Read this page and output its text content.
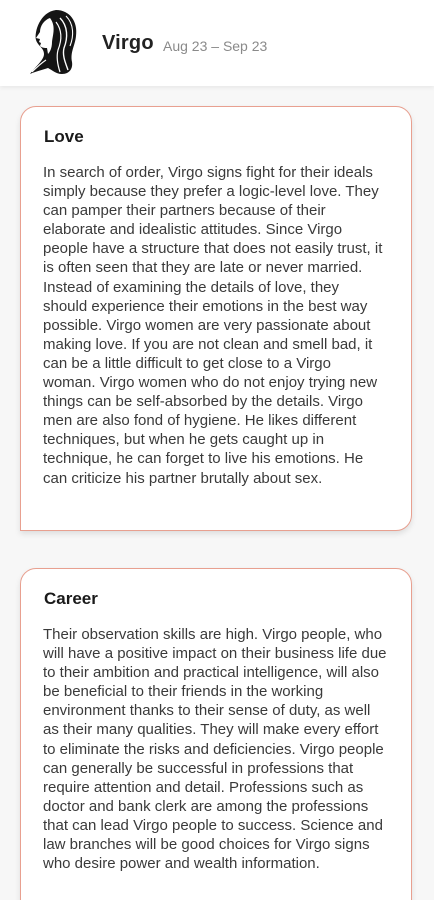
Virgo Aug 23 – Sep 23
Love

In search of order, Virgo signs fight for their ideals simply because they prefer a logic-level love. They can pamper their partners because of their elaborate and idealistic attitudes. Since Virgo people have a structure that does not easily trust, it is often seen that they are late or never married. Instead of examining the details of love, they should experience their emotions in the best way possible. Virgo women are very passionate about making love. If you are not clean and smell bad, it can be a little difficult to get close to a Virgo woman. Virgo women who do not enjoy trying new things can be self-absorbed by the details. Virgo men are also fond of hygiene. He likes different techniques, but when he gets caught up in technique, he can forget to live his emotions. He can criticize his partner brutally about sex.

Career

Their observation skills are high. Virgo people, who will have a positive impact on their business life due to their ambition and practical intelligence, will also be beneficial to their friends in the working environment thanks to their sense of duty, as well as their many qualities. They will make every effort to eliminate the risks and deficiencies. Virgo people can generally be successful in professions that require attention and detail. Professions such as doctor and bank clerk are among the professions that can lead Virgo people to success. Science and law branches will be good choices for Virgo signs who desire power and wealth information.
